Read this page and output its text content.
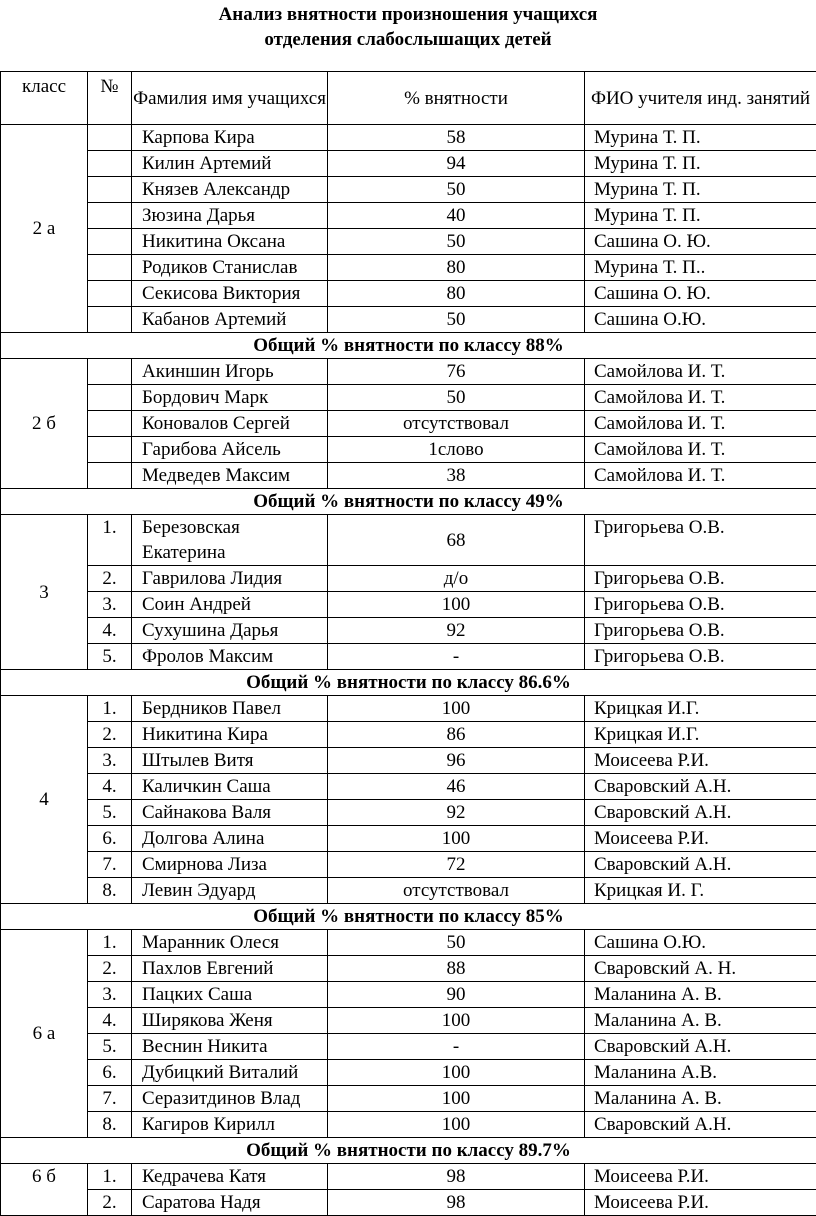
Анализ внятности произношения учащихся
отделения слабослышащих детей
класс	№	Фамилия имя учащихся	% внятности	ФИО учителя инд. занятий
2 а		Карпова Кира	58	Мурина Т. П.
		Килин Артемий	94	Мурина Т. П.
		Князев Александр	50	Мурина Т. П.
		Зюзина Дарья	40	Мурина Т. П.
		Никитина Оксана	50	Сашина О. Ю.
		Родиков Станислав	80	Мурина Т. П..
		Секисова Виктория	80	Сашина О. Ю.
		Кабанов Артемий	50	Сашина О.Ю.
Общий % внятности по классу 88%				
2 б		Акиншин Игорь	76	Самойлова И. Т.
		Бордович Марк	50	Самойлова И. Т.
		Коновалов Сергей	отсутствовал	Самойлова И. Т.
		Гарибова Айсель	1слово	Самойлова И. Т.
		Медведев Максим	38	Самойлова И. Т.
Общий % внятности по классу 49%				
3	1.	Березовская Екатерина	68	Григорьева О.В.
	2.	Гаврилова Лидия	д/о	Григорьева О.В.
	3.	Соин Андрей	100	Григорьева О.В.
	4.	Сухушина Дарья	92	Григорьева О.В.
	5.	Фролов Максим	-	Григорьева О.В.
Общий % внятности по классу 86.6%				
4	1.	Бердников Павел	100	Крицкая И.Г.
	2.	Никитина Кира	86	Крицкая И.Г.
	3.	Штылев Витя	96	Моисеева Р.И.
	4.	Каличкин Саша	46	Сваровский А.Н.
	5.	Сайнакова Валя	92	Сваровский А.Н.
	6.	Долгова Алина	100	Моисеева Р.И.
	7.	Смирнова Лиза	72	Сваровский А.Н.
	8.	Левин Эдуард	отсутствовал	Крицкая И. Г.
Общий % внятности по классу 85%				
6 а	1.	Маранник Олеся	50	Сашина О.Ю.
	2.	Пахлов Евгений	88	Сваровский А. Н.
	3.	Пацких Саша	90	Маланина А. В.
	4.	Ширякова Женя	100	Маланина А. В.
	5.	Веснин Никита	-	Сваровский А.Н.
	6.	Дубицкий Виталий	100	Маланина А.В.
	7.	Серазитдинов Влад	100	Маланина А. В.
	8.	Кагиров Кирилл	100	Сваровский А.Н.
Общий % внятности по классу 89.7%				
6 б	1.	Кедрачева Катя	98	Моисеева Р.И.
	2.	Саратова Надя	98	Моисеева Р.И.
